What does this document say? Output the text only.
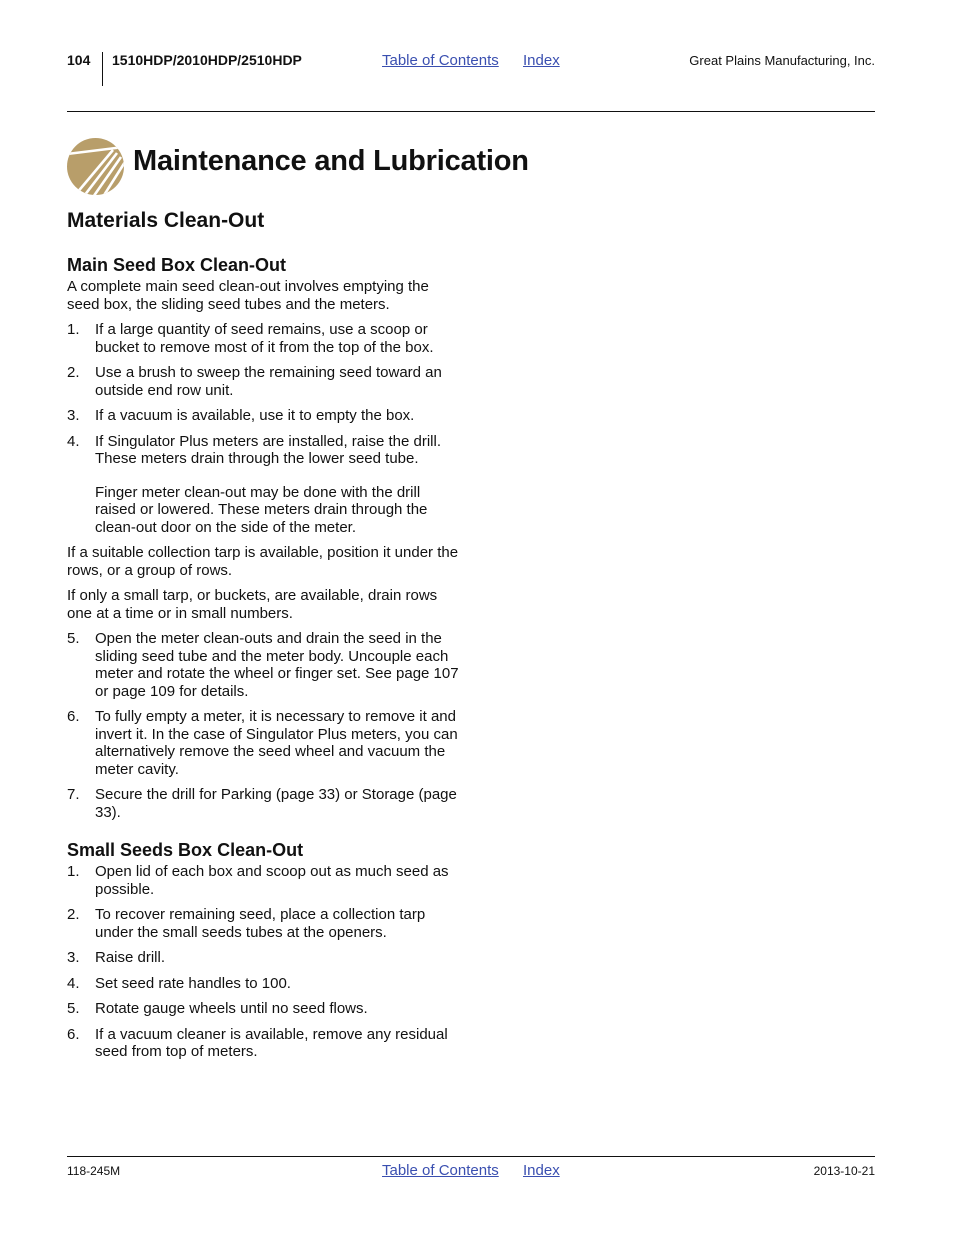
104 1510HDP/2010HDP/2510HDP	Table of Contents Index	Great Plains Manufacturing, Inc.
Maintenance and Lubrication
Materials Clean-Out
Main Seed Box Clean-Out

A complete main seed clean-out involves emptying the seed box, the sliding seed tubes and the meters.

1. If a large quantity of seed remains, use a scoop or bucket to remove most of it from the top of the box.
2. Use a brush to sweep the remaining seed toward an outside end row unit.
3. If a vacuum is available, use it to empty the box.
4. If Singulator Plus meters are installed, raise the drill. These meters drain through the lower seed tube.
Finger meter clean-out may be done with the drill raised or lowered. These meters drain through the clean-out door on the side of the meter.

If a suitable collection tarp is available, position it under the rows, or a group of rows.

If only a small tarp, or buckets, are available, drain rows one at a time or in small numbers.

5. Open the meter clean-outs and drain the seed in the sliding seed tube and the meter body. Uncouple each meter and rotate the wheel or finger set. See page 107 or page 109 for details.
6. To fully empty a meter, it is necessary to remove it and invert it. In the case of Singulator Plus meters, you can alternatively remove the seed wheel and vacuum the meter cavity.
7. Secure the drill for Parking (page 33) or Storage (page 33).
Small Seeds Box Clean-Out
1. Open lid of each box and scoop out as much seed as possible.
2. To recover remaining seed, place a collection tarp under the small seeds tubes at the openers.
3. Raise drill.
4. Set seed rate handles to 100.
5. Rotate gauge wheels until no seed flows.
6. If a vacuum cleaner is available, remove any residual seed from top of meters.
118-245M	Table of Contents Index	2013-10-21
